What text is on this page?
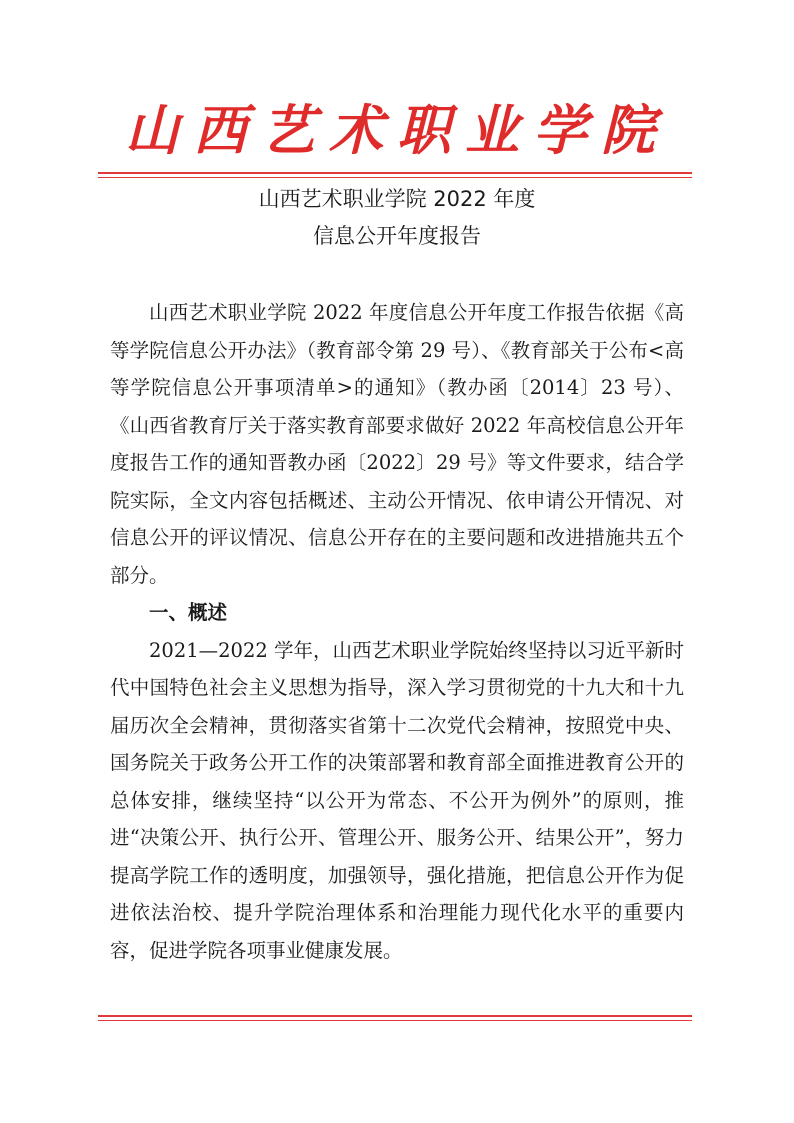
山西艺术职业学院
山西艺术职业学院 2022 年度
信息公开年度报告

山西艺术职业学院 2022 年度信息公开年度工作报告依据《高等学院信息公开办法》（教育部令第 29 号）、《教育部关于公布<高等学院信息公开事项清单>的通知》（教办函〔2014〕23 号）、《山西省教育厅关于落实教育部要求做好 2022 年高校信息公开年度报告工作的通知晋教办函〔2022〕29 号》等文件要求，结合学院实际，全文内容包括概述、主动公开情况、依申请公开情况、对信息公开的评议情况、信息公开存在的主要问题和改进措施共五个部分。

一、概述

2021—2022 学年，山西艺术职业学院始终坚持以习近平新时代中国特色社会主义思想为指导，深入学习贯彻党的十九大和十九届历次全会精神，贯彻落实省第十二次党代会精神，按照党中央、国务院关于政务公开工作的决策部署和教育部全面推进教育公开的总体安排，继续坚持“以公开为常态、不公开为例外”的原则，推进“决策公开、执行公开、管理公开、服务公开、结果公开”，努力提高学院工作的透明度，加强领导，强化措施，把信息公开作为促进依法治校、提升学院治理体系和治理能力现代化水平的重要内容，促进学院各项事业健康发展。
